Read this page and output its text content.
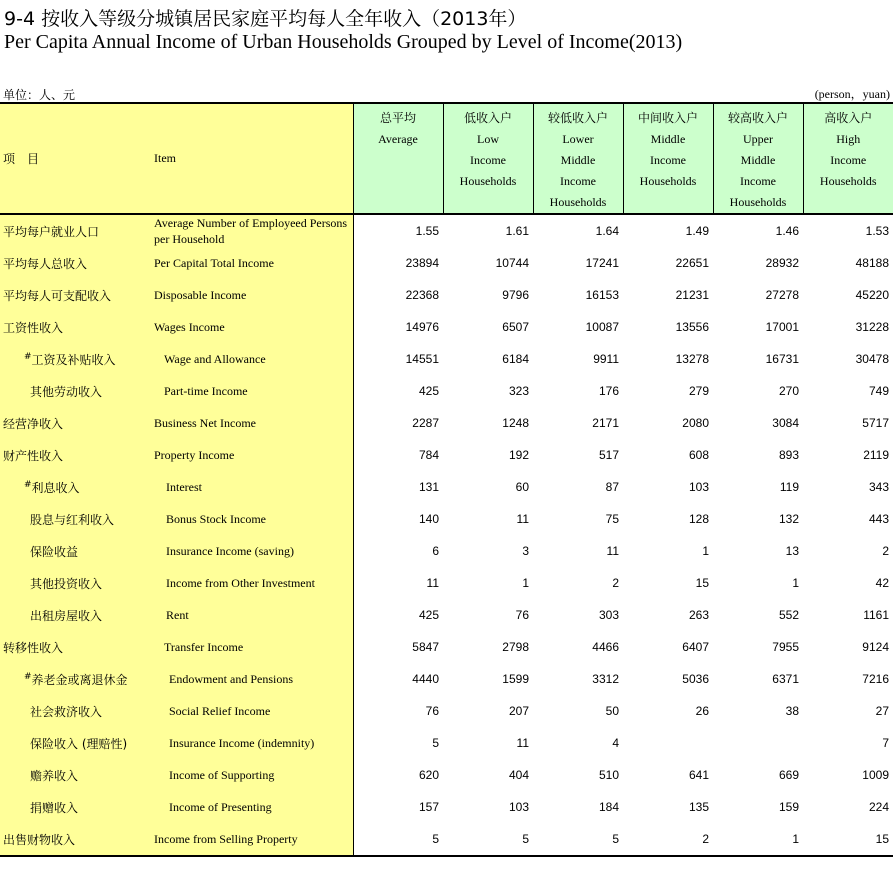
9-4 按收入等级分城镇居民家庭平均每人全年收入（2013年）
Per Capita Annual Income of Urban Households Grouped by Level of Income(2013)
单位：人、元	(person，yuan)
项　目	Item	总平均
Average	低收入户
Low
Income
Households	较低收入户
Lower
Middle
Income
Households	中间收入户
Middle
Income
Households	较高收入户
Upper
Middle
Income
Households	高收入户
High
Income
Households

平均每户就业人口	Average Number of Employeed Persons per Household	1.55	1.61	1.64	1.49	1.46	1.53
平均每人总收入	Per Capital Total Income	23894	10744	17241	22651	28932	48188
平均每人可支配收入	Disposable Income	22368	9796	16153	21231	27278	45220
工资性收入	Wages Income	14976	6507	10087	13556	17001	31228
#工资及补贴收入	Wage and Allowance	14551	6184	9911	13278	16731	30478
其他劳动收入	Part-time Income	425	323	176	279	270	749
经营净收入	Business Net Income	2287	1248	2171	2080	3084	5717
财产性收入	Property Income	784	192	517	608	893	2119
#利息收入	Interest	131	60	87	103	119	343
股息与红利收入	Bonus Stock Income	140	11	75	128	132	443
保险收益	Insurance Income (saving)	6	3	11	1	13	2
其他投资收入	Income from Other Investment	11	1	2	15	1	42
出租房屋收入	Rent	425	76	303	263	552	1161
转移性收入	Transfer Income	5847	2798	4466	6407	7955	9124
#养老金或离退休金	Endowment and Pensions	4440	1599	3312	5036	6371	7216
社会救济收入	Social Relief Income	76	207	50	26	38	27
保险收入 (理赔性)	Insurance Income (indemnity)	5	11	4			7
赡养收入	Income of Supporting	620	404	510	641	669	1009
捐赠收入	Income of Presenting	157	103	184	135	159	224
出售财物收入	Income from Selling Property	5	5	5	2	1	15
